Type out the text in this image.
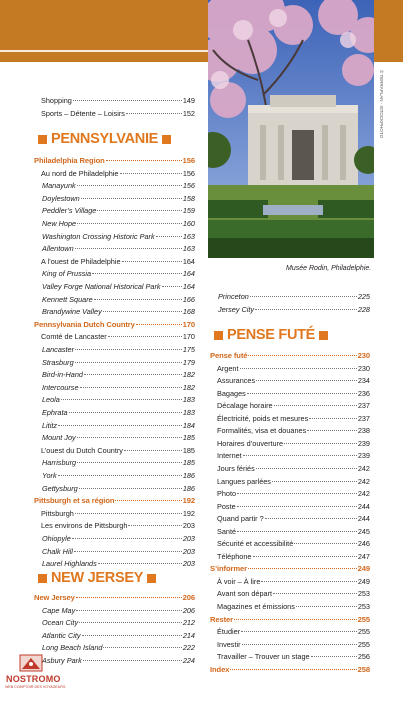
© TERRAPLAN - ISTOCKPHOTO
Musée Rodin, Philadelphie.
PENNSYLVANIE
NEW JERSEY
PENSE FUTÉ
Shopping	149
Sports – Détente – Loisirs	152
Philadelphia Region	156
Au nord de Philadelphie	156
Manayunk	156
Doylestown	158
Peddler’s Village	159
New Hope	160
Washington Crossing Historic Park	163
Allentown	163
A l’ouest de Philadelphie	164
King of Prussia	164
Valley Forge National Historical Park	164
Kennett Square	166
Brandywine Valley	168
Pennsylvania Dutch Country	170
Comté de Lancaster	170
Lancaster	175
Strasburg	179
Bird-in-Hand	182
Intercourse	182
Leola	183
Ephrata	183
Lititz	184
Mount Joy	185
L’ouest du Dutch Country	185
Harrisburg	185
York	186
Gettysburg	186
Pittsburgh et sa région	192
Pittsburgh	192
Les environs de Pittsburgh	203
Ohiopyle	203
Chalk Hill	203
Laurel Highlands	203
New Jersey	206
Cape May	206
Ocean City	212
Atlantic City	214
Long Beach Island	222
Asbury Park	224
Princeton	225
Jersey City	228
Pense futé	230
Argent	230
Assurances	234
Bagages	236
Décalage horaire	237
Électricité, poids et mesures	237
Formalités, visa et douanes	238
Horaires d’ouverture	239
Internet	239
Jours fériés	242
Langues parlées	242
Photo	242
Poste	244
Quand partir ?	244
Santé	245
Sécurité et accessibilité	246
Téléphone	247
S’informer	249
À voir – À lire	249
Avant son départ	253
Magazines et émissions	253
Rester	255
Étudier	255
Investir	255
Travailler – Trouver un stage	256
Index	258
NOSTROMO
WEB COMPTOIR DES VOYAGEURS
